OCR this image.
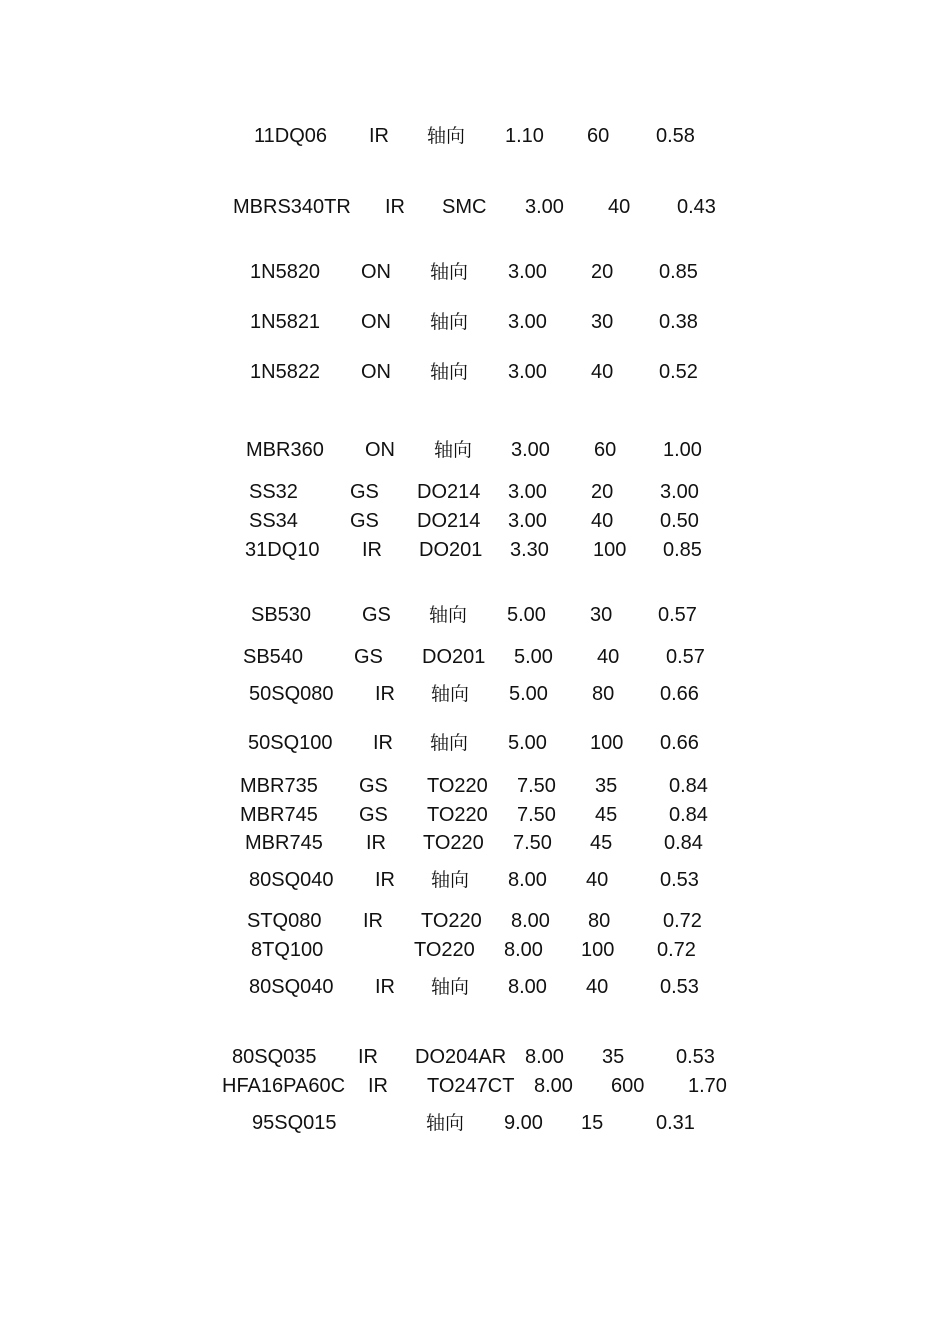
11DQ06 IR 轴向 1.10 60 0.58
MBRS340TR IR SMC 3.00 40 0.43
1N5820 ON 轴向 3.00 20 0.85
1N5821 ON 轴向 3.00 30 0.38
1N5822 ON 轴向 3.00 40 0.52
MBR360 ON 轴向 3.00 60 1.00
SS32	GS DO214 3.00 20 3.00
SS34	GS DO214 3.00 40 0.50
31DQ10 IR DO201 3.30 100 0.85
SB530	GS 轴向 5.00 30 0.57
SB540	GS DO201 5.00 40 0.57
50SQ080 IR 轴向 5.00 80 0.66
50SQ100 IR 轴向 5.00 100 0.66
MBR735 GS TO220 7.50 35	0.84
MBR745 GS TO220 7.50 45	0.84
MBR745 IR TO220 7.50 45	0.84
80SQ040 IR 轴向 8.00 40	0.53
STQ080 IR TO220 8.00 80	0.72
8TQ100	TO220 8.00 100 0.72
80SQ040 IR 轴向 8.00 40	0.53
80SQ035 IR DO204AR 8.00 35	0.53
HFA16PA60C IR TO247CT 8.00 600 1.70
95SQ015	轴向 9.00 15	0.31
